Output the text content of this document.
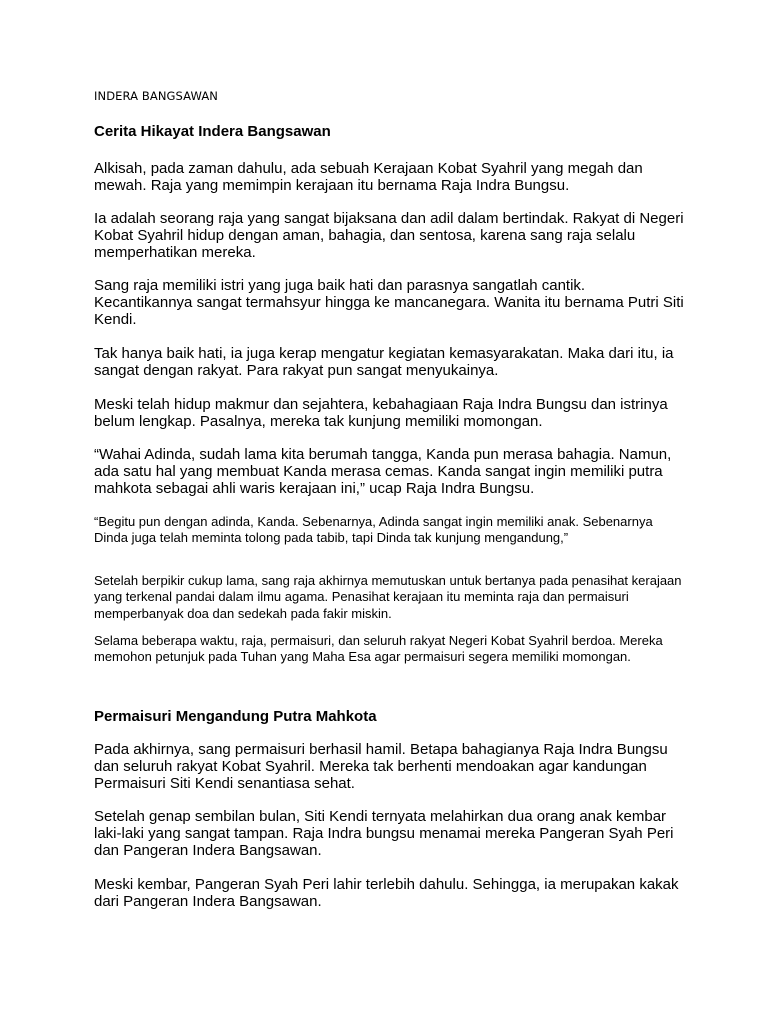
INDERA BANGSAWAN
Cerita Hikayat Indera Bangsawan

Alkisah, pada zaman dahulu, ada sebuah Kerajaan Kobat Syahril yang megah dan mewah. Raja yang memimpin kerajaan itu bernama Raja Indra Bungsu.

Ia adalah seorang raja yang sangat bijaksana dan adil dalam bertindak. Rakyat di Negeri Kobat Syahril hidup dengan aman, bahagia, dan sentosa, karena sang raja selalu memperhatikan mereka.

Sang raja memiliki istri yang juga baik hati dan parasnya sangatlah cantik. Kecantikannya sangat termahsyur hingga ke mancanegara. Wanita itu bernama Putri Siti Kendi.

Tak hanya baik hati, ia juga kerap mengatur kegiatan kemasyarakatan. Maka dari itu, ia sangat dengan rakyat. Para rakyat pun sangat menyukainya.

Meski telah hidup makmur dan sejahtera, kebahagiaan Raja Indra Bungsu dan istrinya belum lengkap. Pasalnya, mereka tak kunjung memiliki momongan.

“Wahai Adinda, sudah lama kita berumah tangga, Kanda pun merasa bahagia. Namun, ada satu hal yang membuat Kanda merasa cemas. Kanda sangat ingin memiliki putra mahkota sebagai ahli waris kerajaan ini,” ucap Raja Indra Bungsu.

“Begitu pun dengan adinda, Kanda. Sebenarnya, Adinda sangat ingin memiliki anak. Sebenarnya Dinda juga telah meminta tolong pada tabib, tapi Dinda tak kunjung mengandung,”

Setelah berpikir cukup lama, sang raja akhirnya memutuskan untuk bertanya pada penasihat kerajaan yang terkenal pandai dalam ilmu agama. Penasihat kerajaan itu meminta raja dan permaisuri memperbanyak doa dan sedekah pada fakir miskin.

Selama beberapa waktu, raja, permaisuri, dan seluruh rakyat Negeri Kobat Syahril berdoa. Mereka memohon petunjuk pada Tuhan yang Maha Esa agar permaisuri segera memiliki momongan.

Permaisuri Mengandung Putra Mahkota

Pada akhirnya, sang permaisuri berhasil hamil. Betapa bahagianya Raja Indra Bungsu dan seluruh rakyat Kobat Syahril. Mereka tak berhenti mendoakan agar kandungan Permaisuri Siti Kendi senantiasa sehat.

Setelah genap sembilan bulan, Siti Kendi ternyata melahirkan dua orang anak kembar laki-laki yang sangat tampan. Raja Indra bungsu menamai mereka Pangeran Syah Peri dan Pangeran Indera Bangsawan.

Meski kembar, Pangeran Syah Peri lahir terlebih dahulu. Sehingga, ia merupakan kakak dari Pangeran Indera Bangsawan.
